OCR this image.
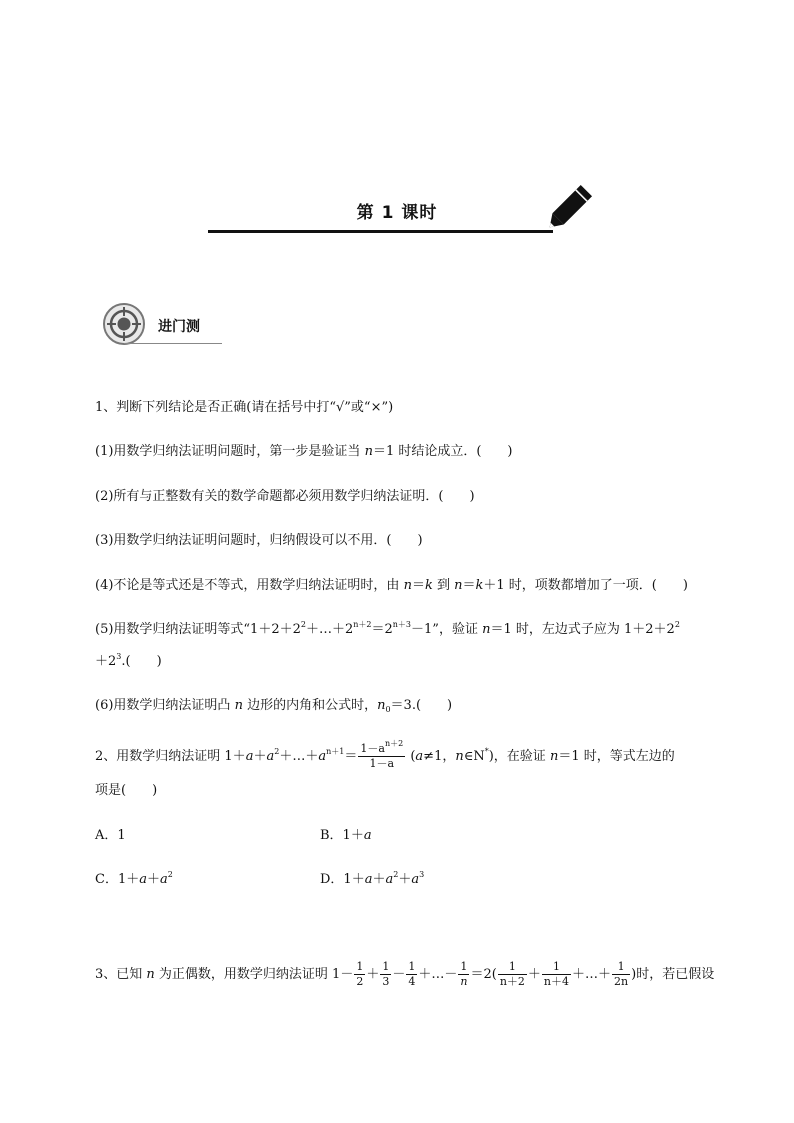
第 1 课时
进门测
1、判断下列结论是否正确(请在括号中打“√”或“×”)
(1)用数学归纳法证明问题时，第一步是验证当 n＝1 时结论成立．(　　)
(2)所有与正整数有关的数学命题都必须用数学归纳法证明．(　　)
(3)用数学归纳法证明问题时，归纳假设可以不用．(　　)
(4)不论是等式还是不等式，用数学归纳法证明时，由 n＝k 到 n＝k＋1 时，项数都增加了一项．(　　)
(5)用数学归纳法证明等式“$1+2+2^2+\dots+2^{n+2}=2^{n+3}-1$”，验证 n＝1 时，左边式子应为 $1+2+2^2$
$+2^3$.(　　)
(6)用数学归纳法证明凸 n 边形的内角和公式时，$n_0=3$.(　　)
2、用数学归纳法证明 $1+a+a^2+\dots+a^{n+1}= \frac{1-a^{n+2}}{1-a} (a\ne 1$，n∈N*)，在验证 n＝1 时，等式左边的
项是(　　)
A．1	B．1＋a
C．$1+a+a^2$	D．$1+a+a^2+a^3$
3、已知 n 为正偶数，用数学归纳法证明 $1- \frac{1}{2} + \frac{1}{3} - \frac{1}{4}$ ＋…－ $\frac{1}{n} =2( \frac{1}{n+2} + \frac{1}{n+4}$ ＋…＋ $\frac{1}{2n}$ )时，若已假设
